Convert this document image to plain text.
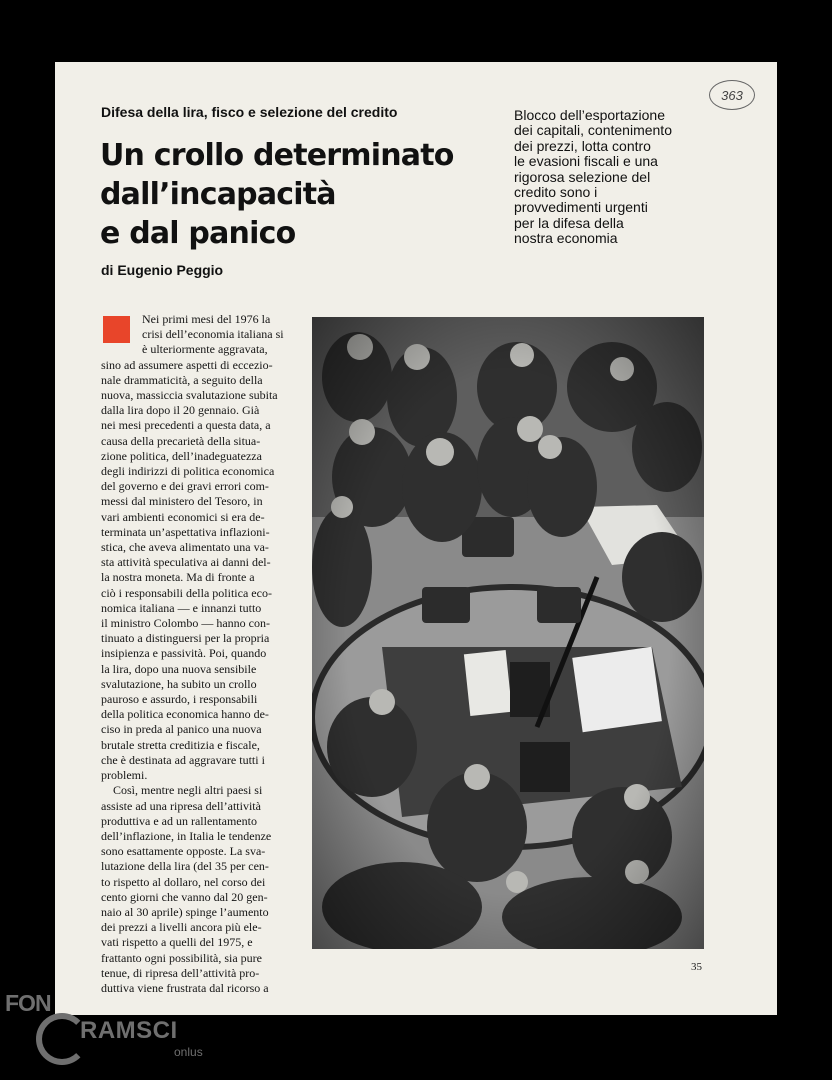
363
Difesa della lira, fisco e selezione del credito
Un crollo determinato
dall’incapacità
e dal panico
di Eugenio Peggio
Blocco dell’esportazione
dei capitali, contenimento
dei prezzi, lotta contro
le evasioni fiscali e una
rigorosa selezione del
credito sono i
provvedimenti urgenti
per la difesa della
nostra economia
Nei primi mesi del 1976 la
crisi dell’economia italiana si
è ulteriormente aggravata,
sino ad assumere aspetti di eccezio-
nale drammaticità, a seguito della
nuova, massiccia svalutazione subita
dalla lira dopo il 20 gennaio. Già
nei mesi precedenti a questa data, a
causa della precarietà della situa-
zione politica, dell’inadeguatezza
degli indirizzi di politica economica
del governo e dei gravi errori com-
messi dal ministero del Tesoro, in
vari ambienti economici si era de-
terminata un’aspettativa inflazioni-
stica, che aveva alimentato una va-
sta attività speculativa ai danni del-
la nostra moneta. Ma di fronte a
ciò i responsabili della politica eco-
nomica italiana — e innanzi tutto
il ministro Colombo — hanno con-
tinuato a distinguersi per la propria
insipienza e passività. Poi, quando
la lira, dopo una nuova sensibile
svalutazione, ha subito un crollo
pauroso e assurdo, i responsabili
della politica economica hanno de-
ciso in preda al panico una nuova
brutale stretta creditizia e fiscale,
che è destinata ad aggravare tutti i
problemi.
Così, mentre negli altri paesi si
assiste ad una ripresa dell’attività
produttiva e ad un rallentamento
dell’inflazione, in Italia le tendenze
sono esattamente opposte. La sva-
lutazione della lira (del 35 per cen-
to rispetto al dollaro, nel corso dei
cento giorni che vanno dal 20 gen-
naio al 30 aprile) spinge l’aumento
dei prezzi a livelli ancora più ele-
vati rispetto a quelli del 1975, e
frattanto ogni possibilità, sia pure
tenue, di ripresa dell’attività pro-
duttiva viene frustrata dal ricorso a
35
FON
RAMSCI
onlus
